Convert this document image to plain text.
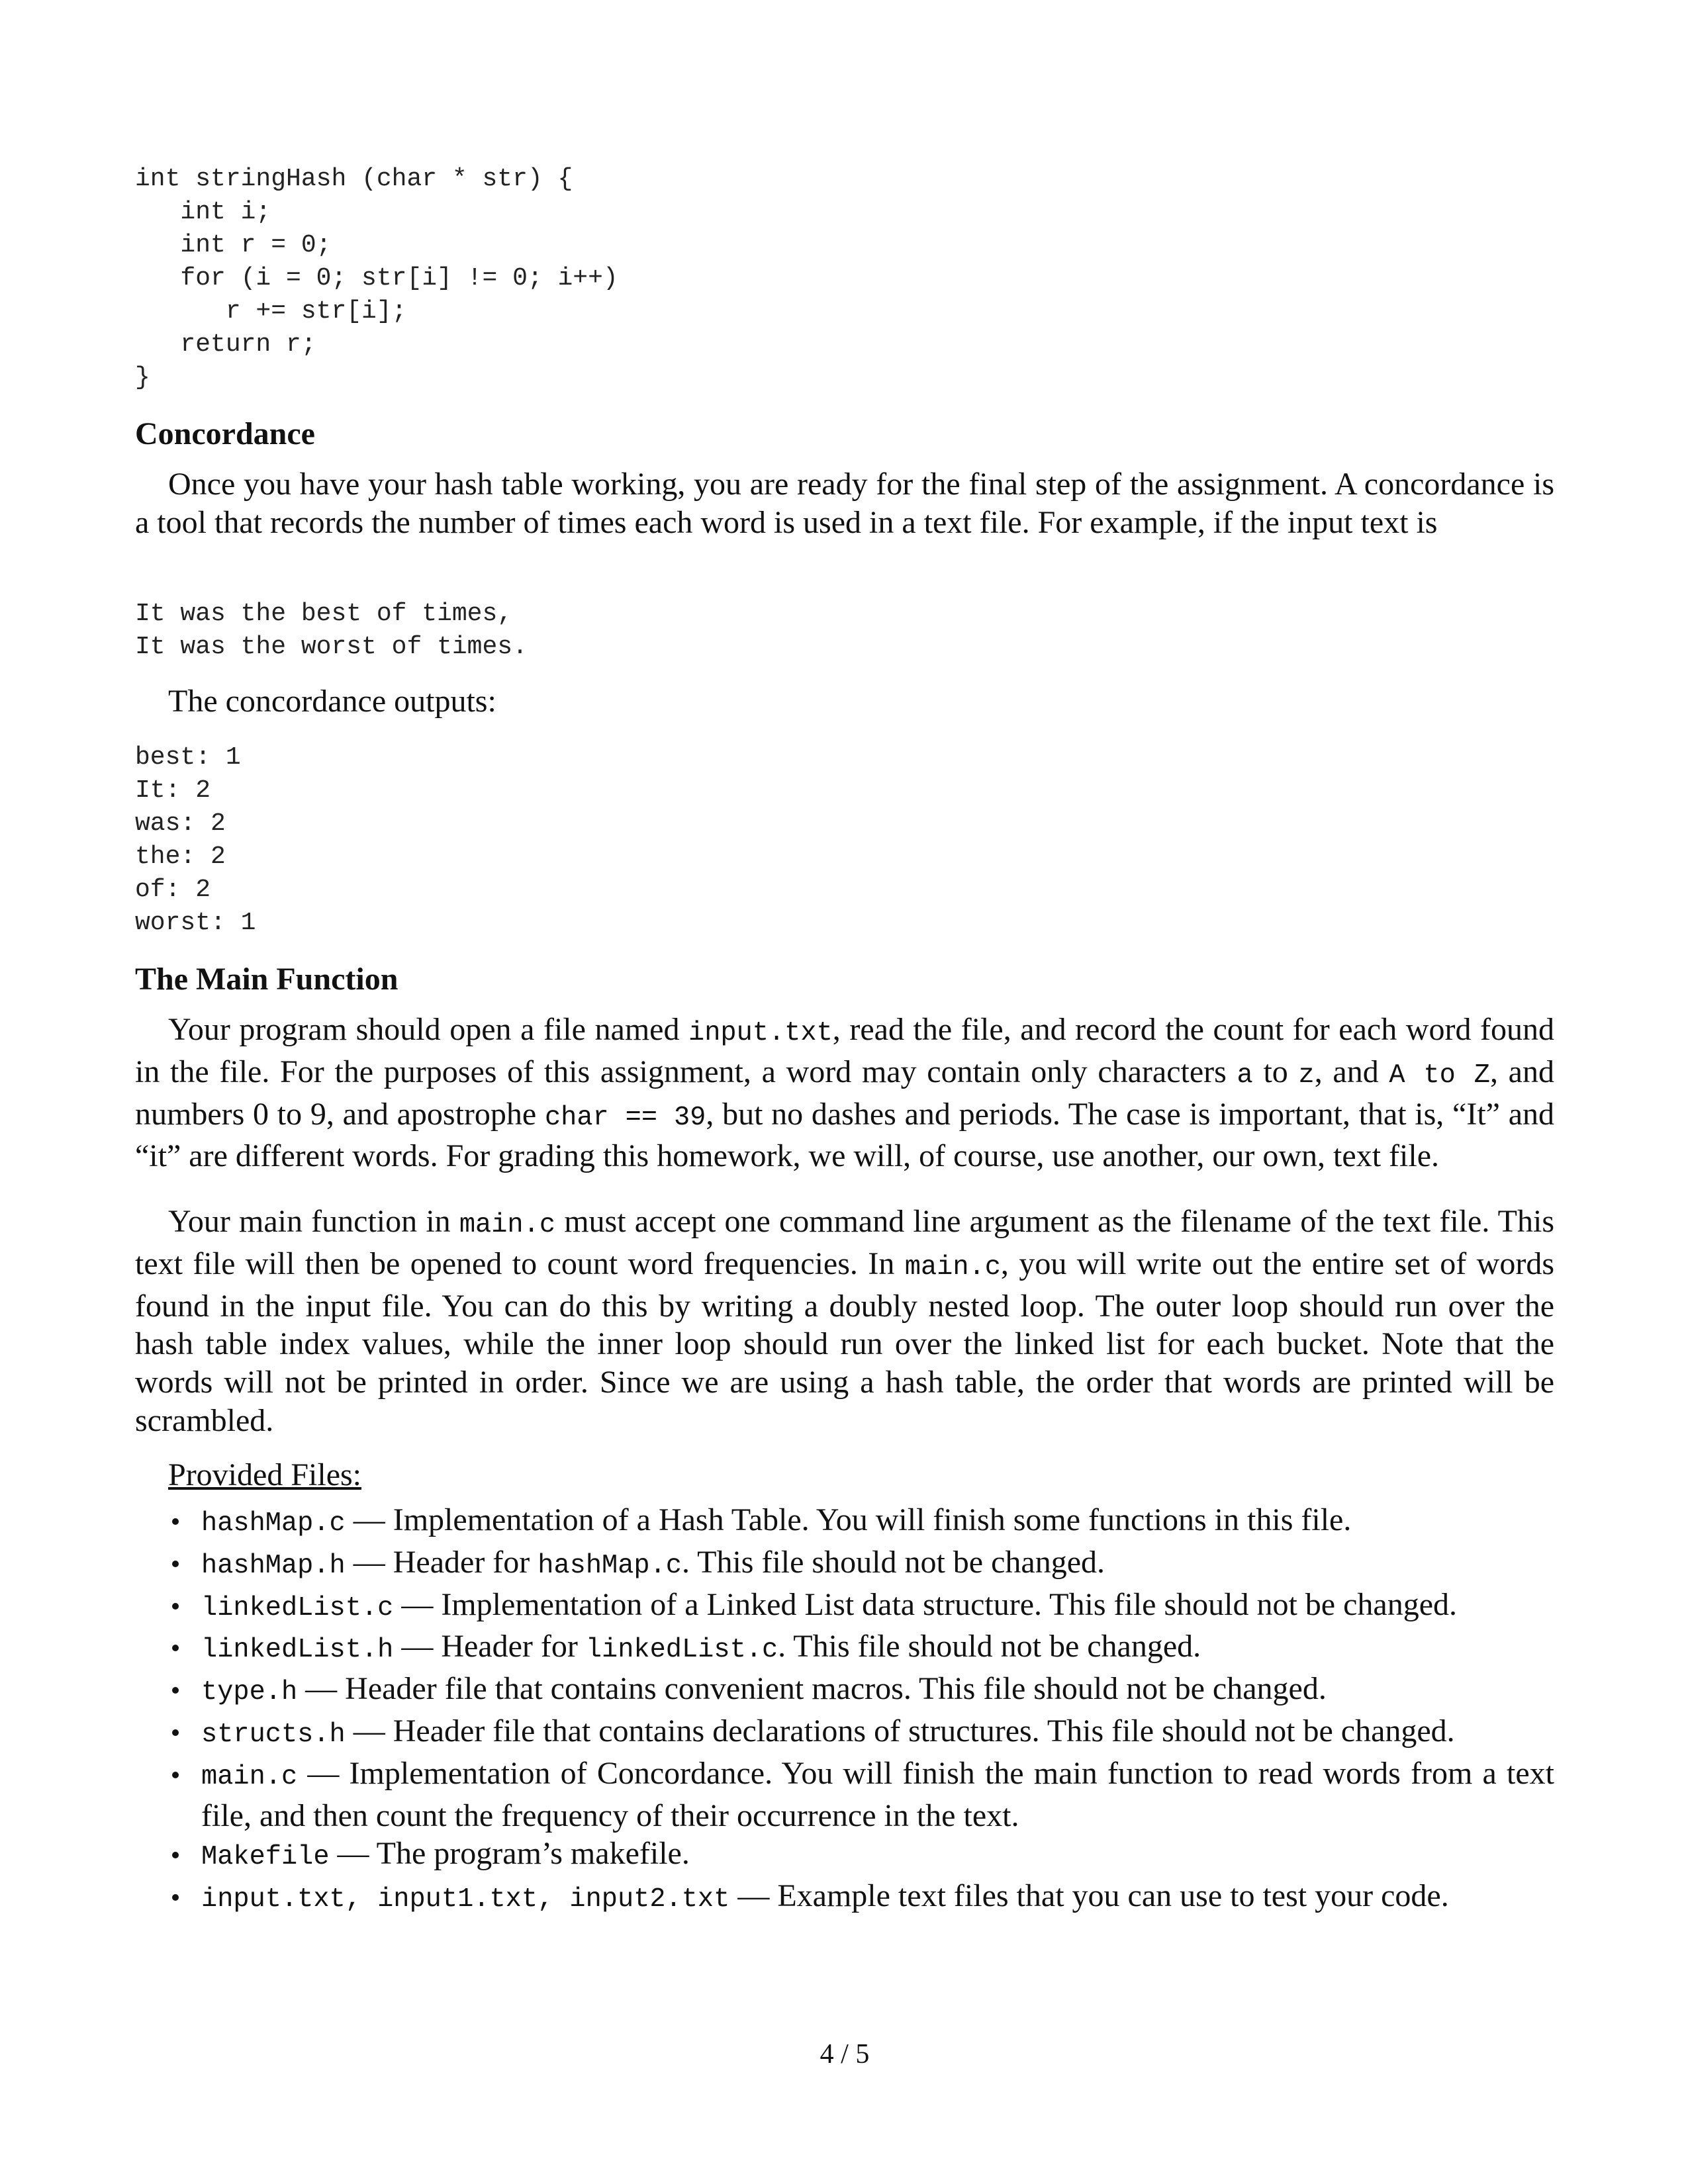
int stringHash (char * str) {
int i;
int r = 0;
for (i = 0; str[i] != 0; i++)
r += str[i];
return r;
}
Concordance

Once you have your hash table working, you are ready for the final step of the assignment. A concordance is a tool that records the number of times each word is used in a text file. For example, if the input text is

It was the best of times,
It was the worst of times.

The concordance outputs:

best: 1
It: 2
was: 2
the: 2
of: 2
worst: 1
The Main Function

Your program should open a file named input.txt, read the file, and record the count for each word found in the file. For the purposes of this assignment, a word may contain only characters a to z, and A to Z, and numbers 0 to 9, and apostrophe char == 39, but no dashes and periods. The case is important, that is, “It” and “it” are different words. For grading this homework, we will, of course, use another, our own, text file.

Your main function in main.c must accept one command line argument as the filename of the text file. This text file will then be opened to count word frequencies. In main.c, you will write out the entire set of words found in the input file. You can do this by writing a doubly nested loop. The outer loop should run over the hash table index values, while the inner loop should run over the linked list for each bucket. Note that the words will not be printed in order. Since we are using a hash table, the order that words are printed will be scrambled.

Provided Files:

hashMap.c — Implementation of a Hash Table. You will finish some functions in this file.
hashMap.h — Header for hashMap.c. This file should not be changed.
linkedList.c — Implementation of a Linked List data structure. This file should not be changed.
linkedList.h — Header for linkedList.c. This file should not be changed.
type.h — Header file that contains convenient macros. This file should not be changed.
structs.h — Header file that contains declarations of structures. This file should not be changed.
main.c — Implementation of Concordance. You will finish the main function to read words from a text file, and then count the frequency of their occurrence in the text.
Makefile — The program’s makefile.
input.txt, input1.txt, input2.txt — Example text files that you can use to test your code.
4 / 5
